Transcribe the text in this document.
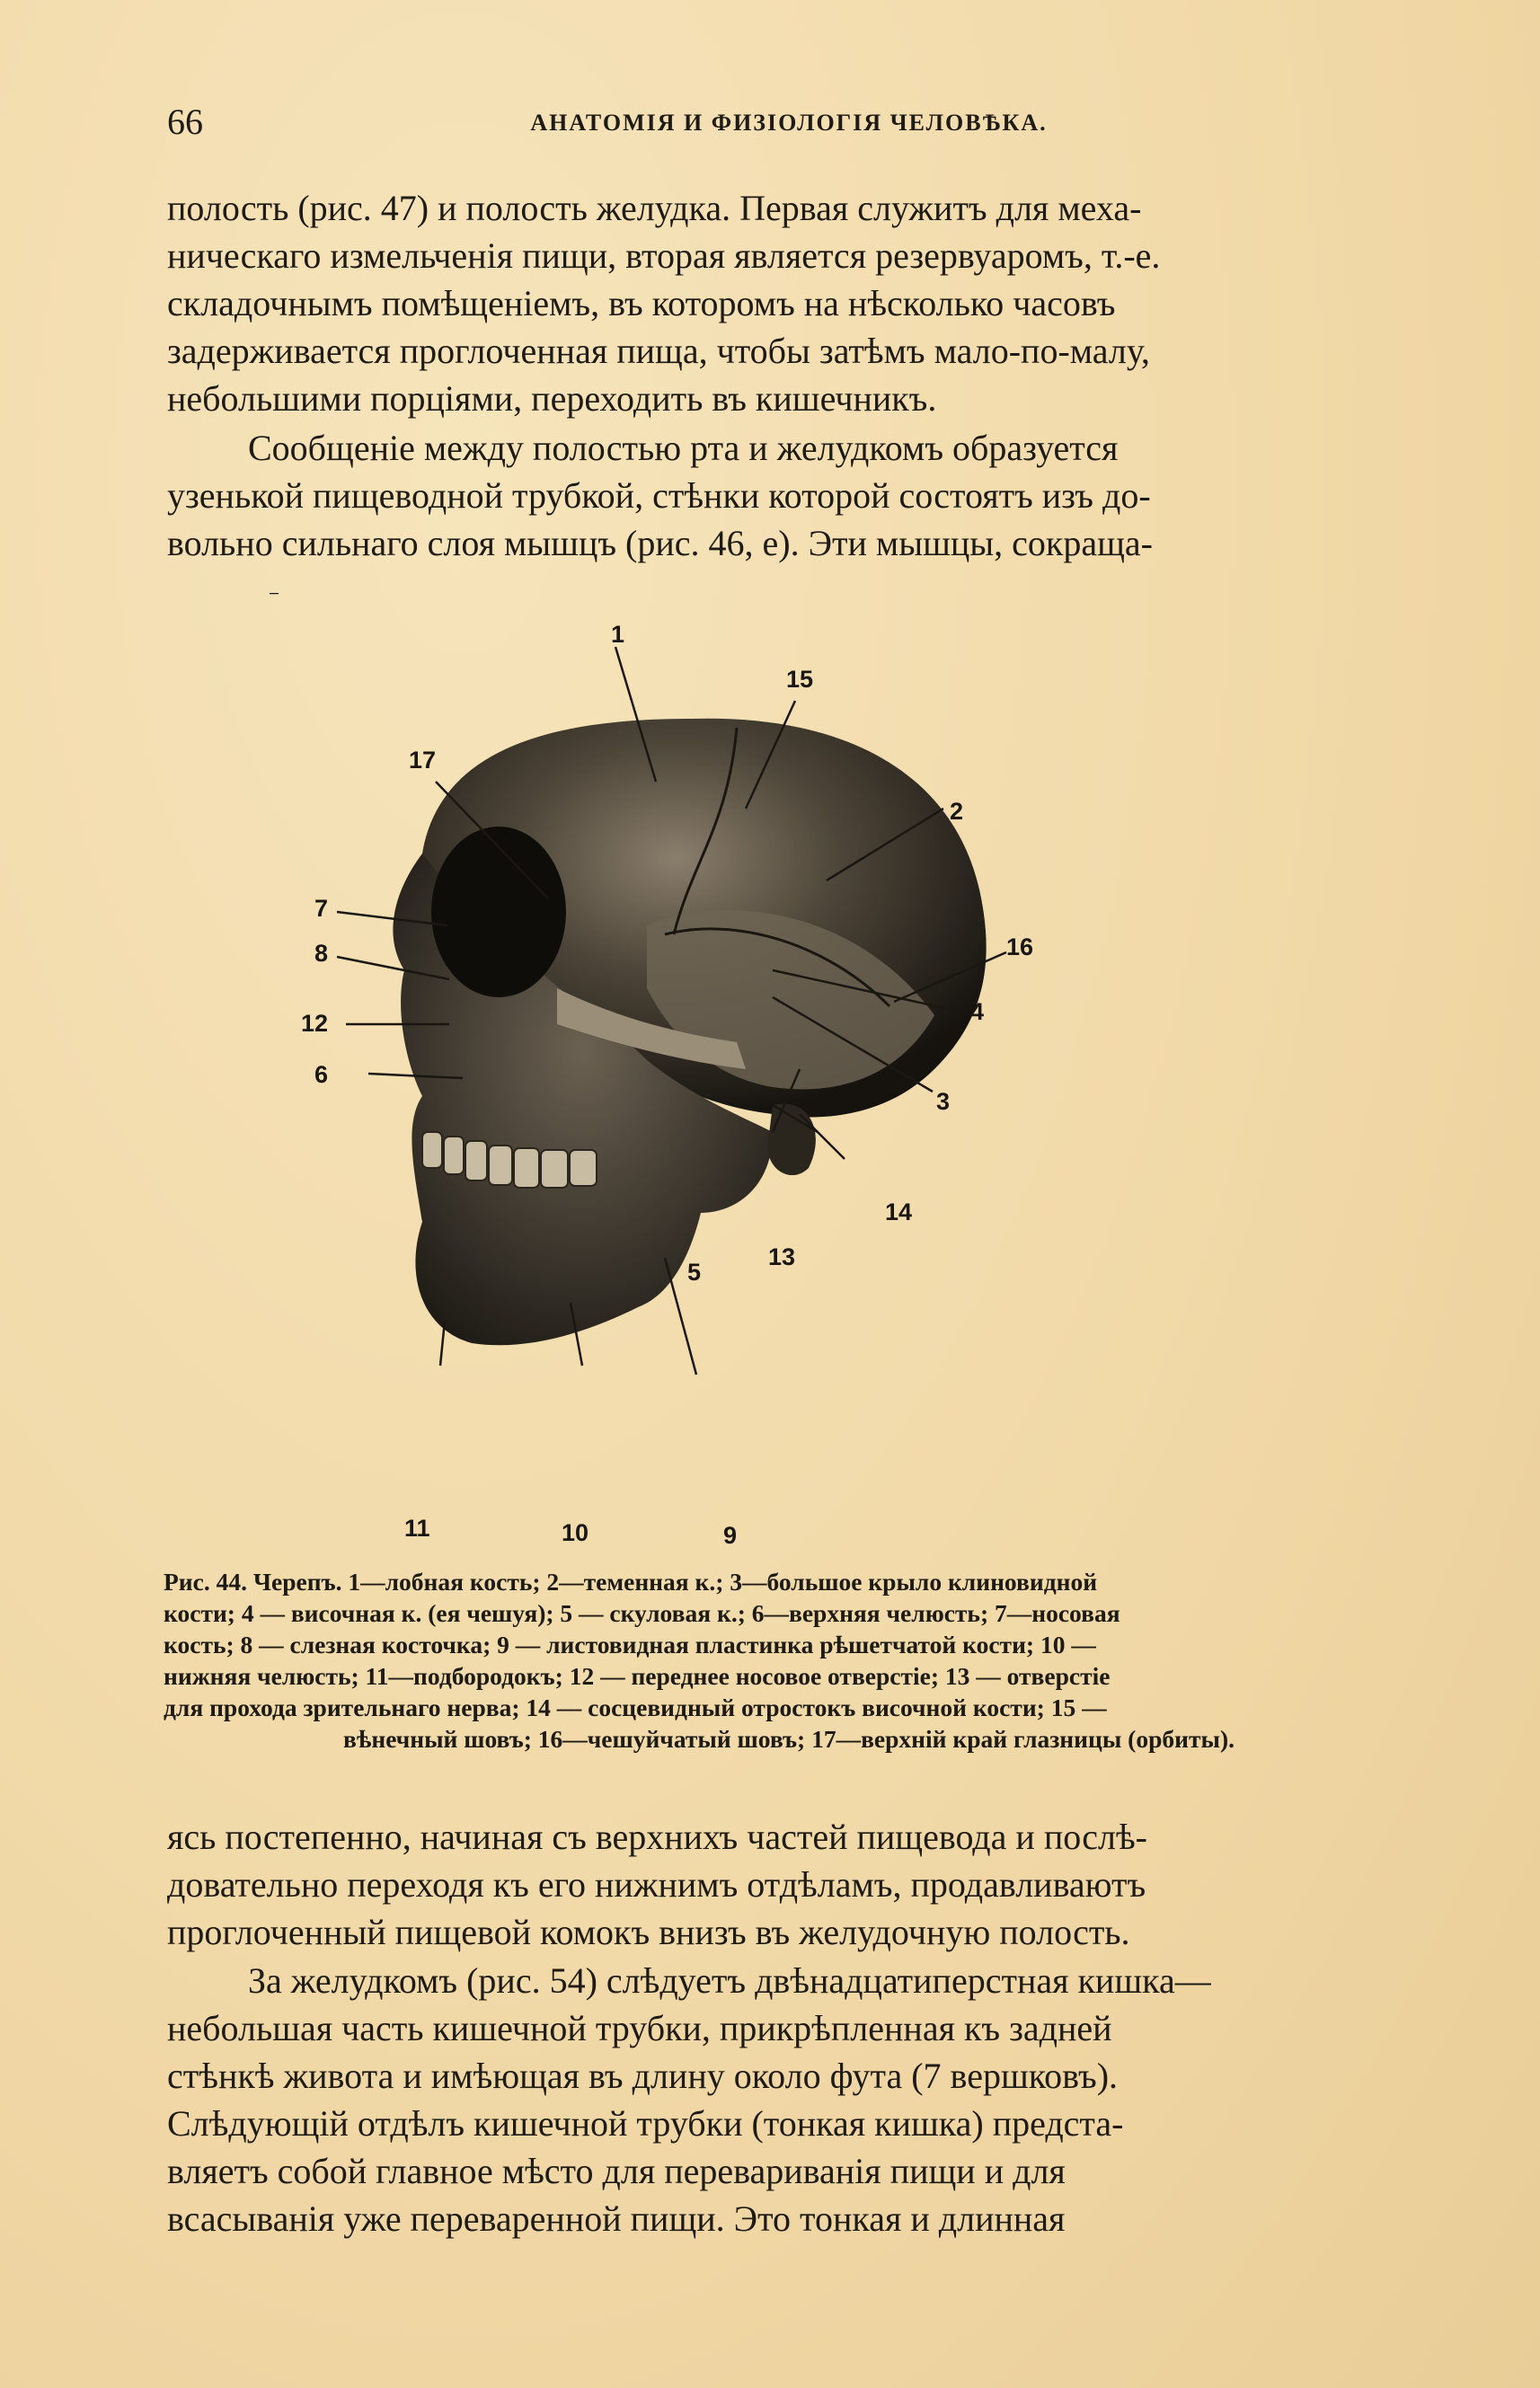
66	АНАТОМІЯ И ФИЗІОЛОГІЯ ЧЕЛОВѢКА.
полость (рис. 47) и полость желудка. Первая служитъ для меха-
ническаго измельченія пищи, вторая является резервуаромъ, т.-е.
складочнымъ помѣщеніемъ, въ которомъ на нѣсколько часовъ
задерживается проглоченная пища, чтобы затѣмъ мало-по-малу,
небольшими порціями, переходить въ кишечникъ.
Сообщеніе между полостью рта и желудкомъ образуется
узенькой пищеводной трубкой, стѣнки которой состоятъ изъ до-
вольно сильнаго слоя мышцъ (рис. 46, е). Эти мышцы, сокраща-
1
15
17
2
7
8	16
12	4
6
3
14
5
13
11	10	9
Рис. 44. Черепъ. 1—лобная кость; 2—теменная к.; 3—большое крыло клиновидной
кости; 4 — височная к. (ея чешуя); 5 — скуловая к.; 6—верхняя челюсть; 7—носовая
кость; 8 — слезная косточка; 9 — листовидная пластинка рѣшетчатой кости; 10 —
нижняя челюсть; 11—подбородокъ; 12 — переднее носовое отверстіе; 13 — отверстіе
для прохода зрительнаго нерва; 14 — сосцевидный отростокъ височной кости; 15 —
вѣнечный шовъ; 16—чешуйчатый шовъ; 17—верхній край глазницы (орбиты).
ясь постепенно, начиная съ верхнихъ частей пищевода и послѣ-
довательно переходя къ его нижнимъ отдѣламъ, продавливаютъ
проглоченный пищевой комокъ внизъ въ желудочную полость.
За желудкомъ (рис. 54) слѣдуетъ двѣнадцатиперстная кишка—
небольшая часть кишечной трубки, прикрѣпленная къ задней
стѣнкѣ живота и имѣющая въ длину около фута (7 вершковъ).
Слѣдующій отдѣлъ кишечной трубки (тонкая кишка) предста-
вляетъ собой главное мѣсто для перевариванія пищи и для
всасыванія уже переваренной пищи. Это тонкая и длинная
